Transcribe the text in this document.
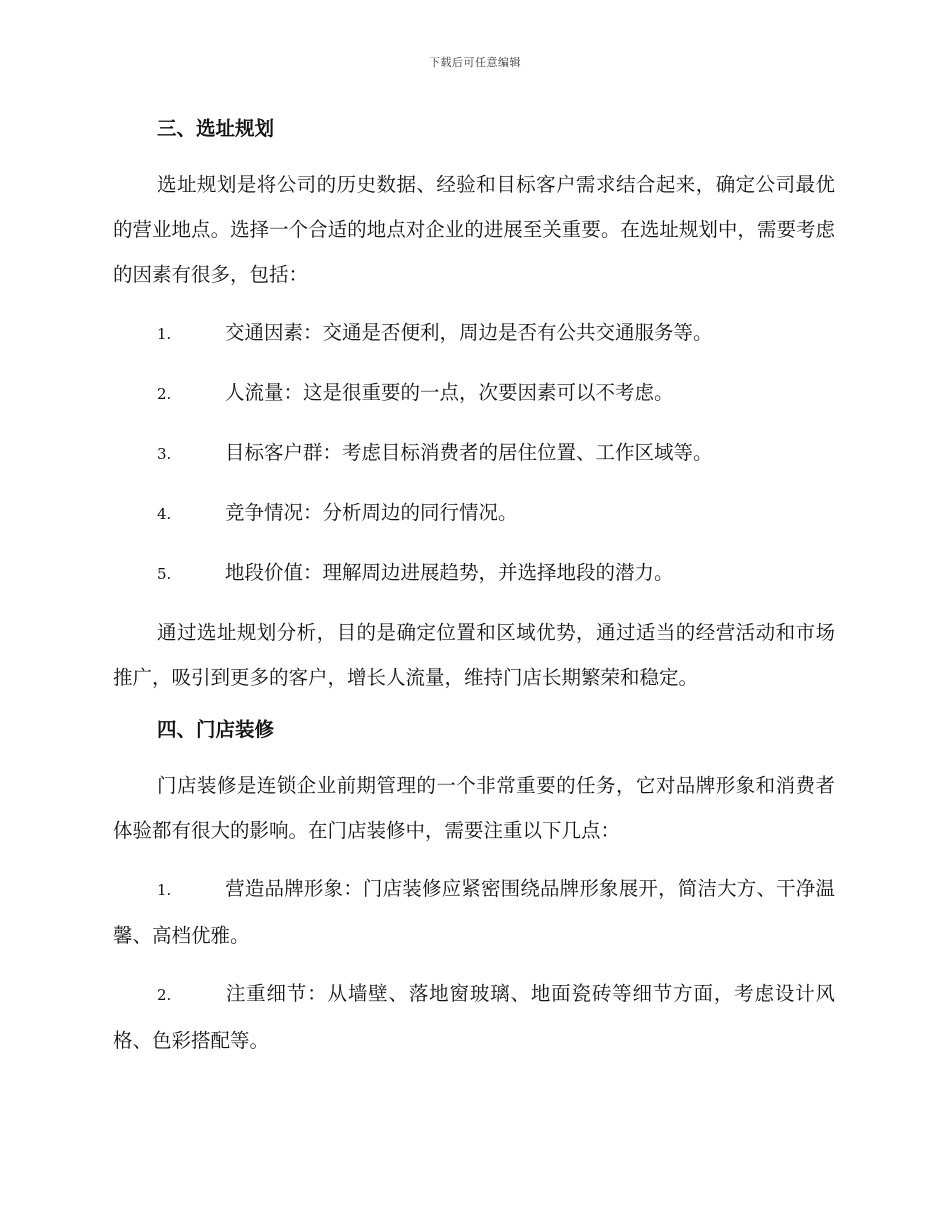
下载后可任意编辑
三、选址规划

选址规划是将公司的历史数据、经验和目标客户需求结合起来，确定公司最优的营业地点。选择一个合适的地点对企业的进展至关重要。在选址规划中，需要考虑的因素有很多，包括：

1.	交通因素：交通是否便利，周边是否有公共交通服务等。

2.	人流量：这是很重要的一点，次要因素可以不考虑。

3.	目标客户群：考虑目标消费者的居住位置、工作区域等。

4.	竞争情况：分析周边的同行情况。

5.	地段价值：理解周边进展趋势，并选择地段的潜力。

通过选址规划分析，目的是确定位置和区域优势，通过适当的经营活动和市场推广，吸引到更多的客户，增长人流量，维持门店长期繁荣和稳定。

四、门店装修

门店装修是连锁企业前期管理的一个非常重要的任务，它对品牌形象和消费者体验都有很大的影响。在门店装修中，需要注重以下几点：

1.	营造品牌形象：门店装修应紧密围绕品牌形象展开，简洁大方、干净温馨、高档优雅。

2.	注重细节：从墙壁、落地窗玻璃、地面瓷砖等细节方面，考虑设计风格、色彩搭配等。
